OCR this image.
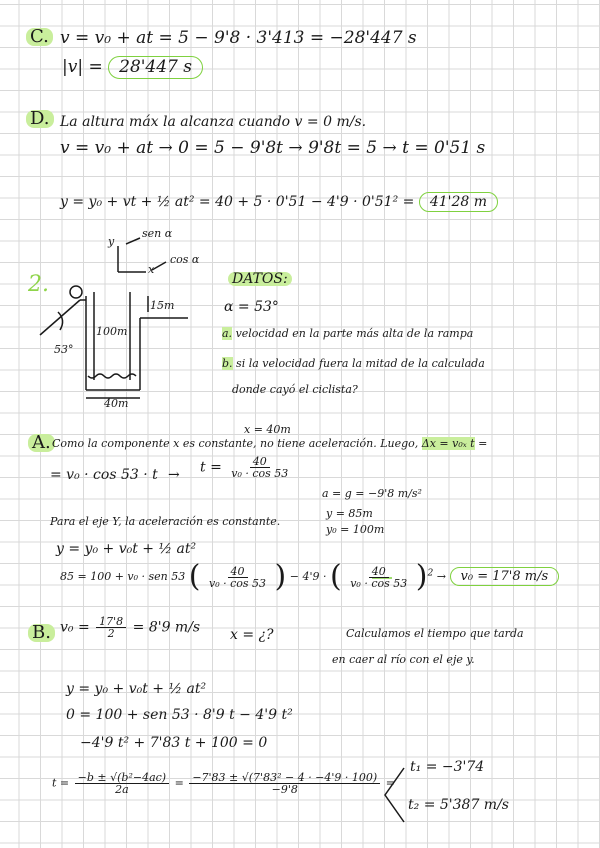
C. v = v₀ + at = 5 − 9'8 · 3'413 = −28'447 s
|v| = 28'447 s
D. La altura máx la alcanza cuando v = 0 m/s.
v = v₀ + at → 0 = 5 − 9'8t → 9'8t = 5 → t = 0'51 s
y = y₀ + vt + ½ at² = 40 + 5 · 0'51 − 4'9 · 0'51² = 41'28 m
y
sen α
x
cos α
2.
15m
100m
53°
40m
DATOS:
α = 53°
a. velocidad en la parte más alta de la rampa
b. si la velocidad fuera la mitad de la calculada
donde cayó el ciclista?
x = 40m
A. Como la componente x es constante, no tiene aceleración. Luego, Δx = v₀ₓ t =
= $v_0 \cdot \cos 53 \cdot t \to t = \frac{40}{\text{v₀ · cos 53}}$
a = g = −9'8 m/s²
y = 85m
y₀ = 100m
Para el eje Y, la aceleración es constante.
y = y₀ + v₀t + ½ at²
85 = 100 + v₀ · sen 53 ( $\frac{40}{\text{v₀ · cos 53}}$ ) − 4'9 · ( $\frac{40}{\text{v₀ · cos 53}} )^2 \to v_0 = 17'8$ m/s
B. $v_0 = \frac{17'8}{2} = 8'9$ m/s x = ¿?	Calculamos el tiempo que tarda
en caer al río con el eje y.
y = y₀ + v₀t + ½ at²
0 = 100 + sen 53 · 8'9 t − 4'9 t²
−4'9 t² + 7'83 t + 100 = 0
$t = \frac{\text{−b ± √(b²−4ac)}}{2a} = \frac{\text{−7'83 ± √(7'83² − 4 · −4'9 · 100)}}{-9'8}$ =
t₁ = −3'74
t₂ = 5'387 m/s
